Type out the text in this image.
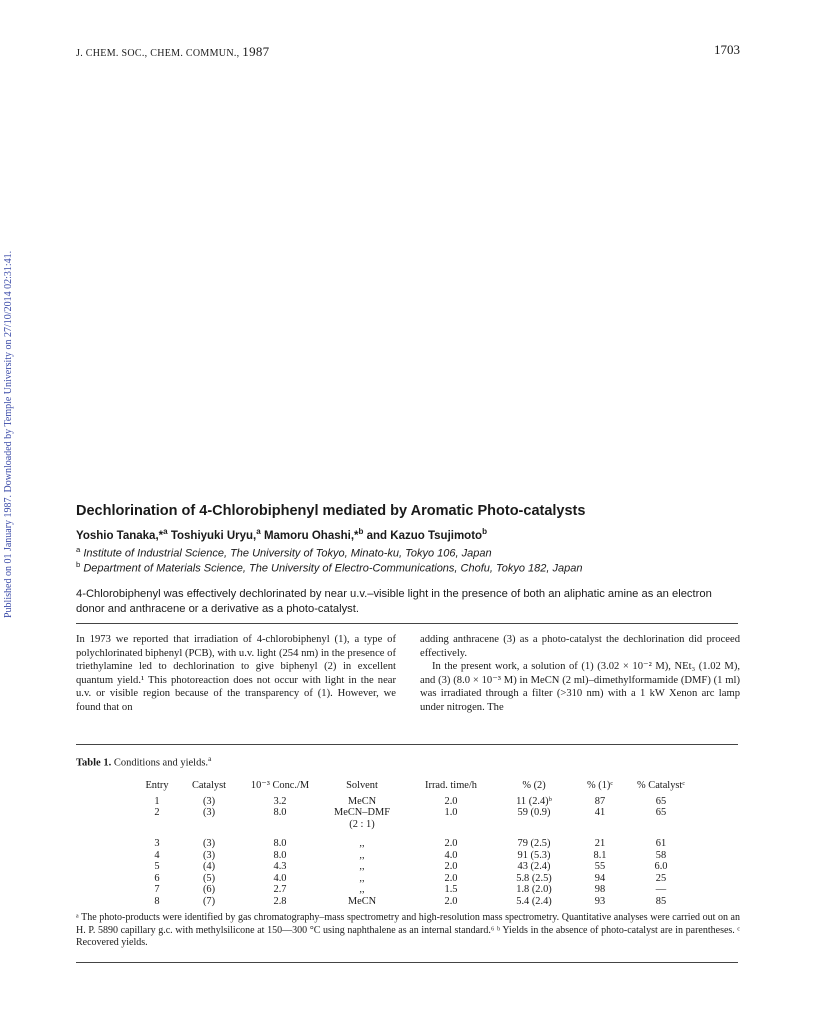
J. CHEM. SOC., CHEM. COMMUN., 1987	1703
Published on 01 January 1987. Downloaded by Temple University on 27/10/2014 02:31:41.	Dechlorination of 4-Chlorobiphenyl mediated by Aromatic Photo-catalysts
Yoshio Tanaka,*$^a$ Toshiyuki Uryu,$^a$ Mamoru Ohashi,*$^b$ and Kazuo Tsujimoto$^b$
$^a$ Institute of Industrial Science, The University of Tokyo, Minato-ku, Tokyo 106, Japan
$^b$ Department of Materials Science, The University of Electro-Communications, Chofu, Tokyo 182, Japan
4-Chlorobiphenyl was effectively dechlorinated by near u.v.–visible light in the presence of both an aliphatic amine as an electron donor and anthracene or a derivative as a photo-catalyst.

In 1973 we reported that irradiation of 4-chlorobiphenyl (1), a type of polychlorinated biphenyl (PCB), with u.v. light (254 nm) in the presence of triethylamine led to dechlorination to give biphenyl (2) in excellent quantum yield.¹ This photoreaction does not occur with light in the near u.v. or visible region because of the transparency of (1). However, we found that on

adding anthracene (3) as a photo-catalyst the dechlorination did proceed effectively.

In the present work, a solution of (1) (3.02 × 10⁻² M), NEt₃ (1.02 M), and (3) (8.0 × 10⁻³ M) in MeCN (2 ml)–dimethylformamide (DMF) (1 ml) was irradiated through a filter (>310 nm) with a 1 kW Xenon arc lamp under nitrogen. The

Table 1. Conditions and yields.$^a$
Entry	Catalyst	10⁻³ Conc./M	Solvent	Irrad. time/h	% (2)	% (1)ᶜ	% Catalystᶜ
1	(3)	3.2	MeCN	2.0	11 (2.4)ᵇ	87	65
2	(3)	8.0	MeCN–DMF	1.0	59 (0.9)	41	65
			(2 : 1)				

3	(3)	8.0	,,	2.0	79 (2.5)	21	61
4	(3)	8.0	,,	4.0	91 (5.3)	8.1	58
5	(4)	4.3	,,	2.0	43 (2.4)	55	6.0
6	(5)	4.0	,,	2.0	5.8 (2.5)	94	25
7	(6)	2.7	,,	1.5	1.8 (2.0)	98	—
8	(7)	2.8	MeCN	2.0	5.4 (2.4)	93	85
ᵃ The photo-products were identified by gas chromatography–mass spectrometry and high-resolution mass spectrometry. Quantitative analyses were carried out on an H. P. 5890 capillary g.c. with methylsilicone at 150—300 °C using naphthalene as an internal standard.⁶ ᵇ Yields in the absence of photo-catalyst are in parentheses. ᶜ Recovered yields.
